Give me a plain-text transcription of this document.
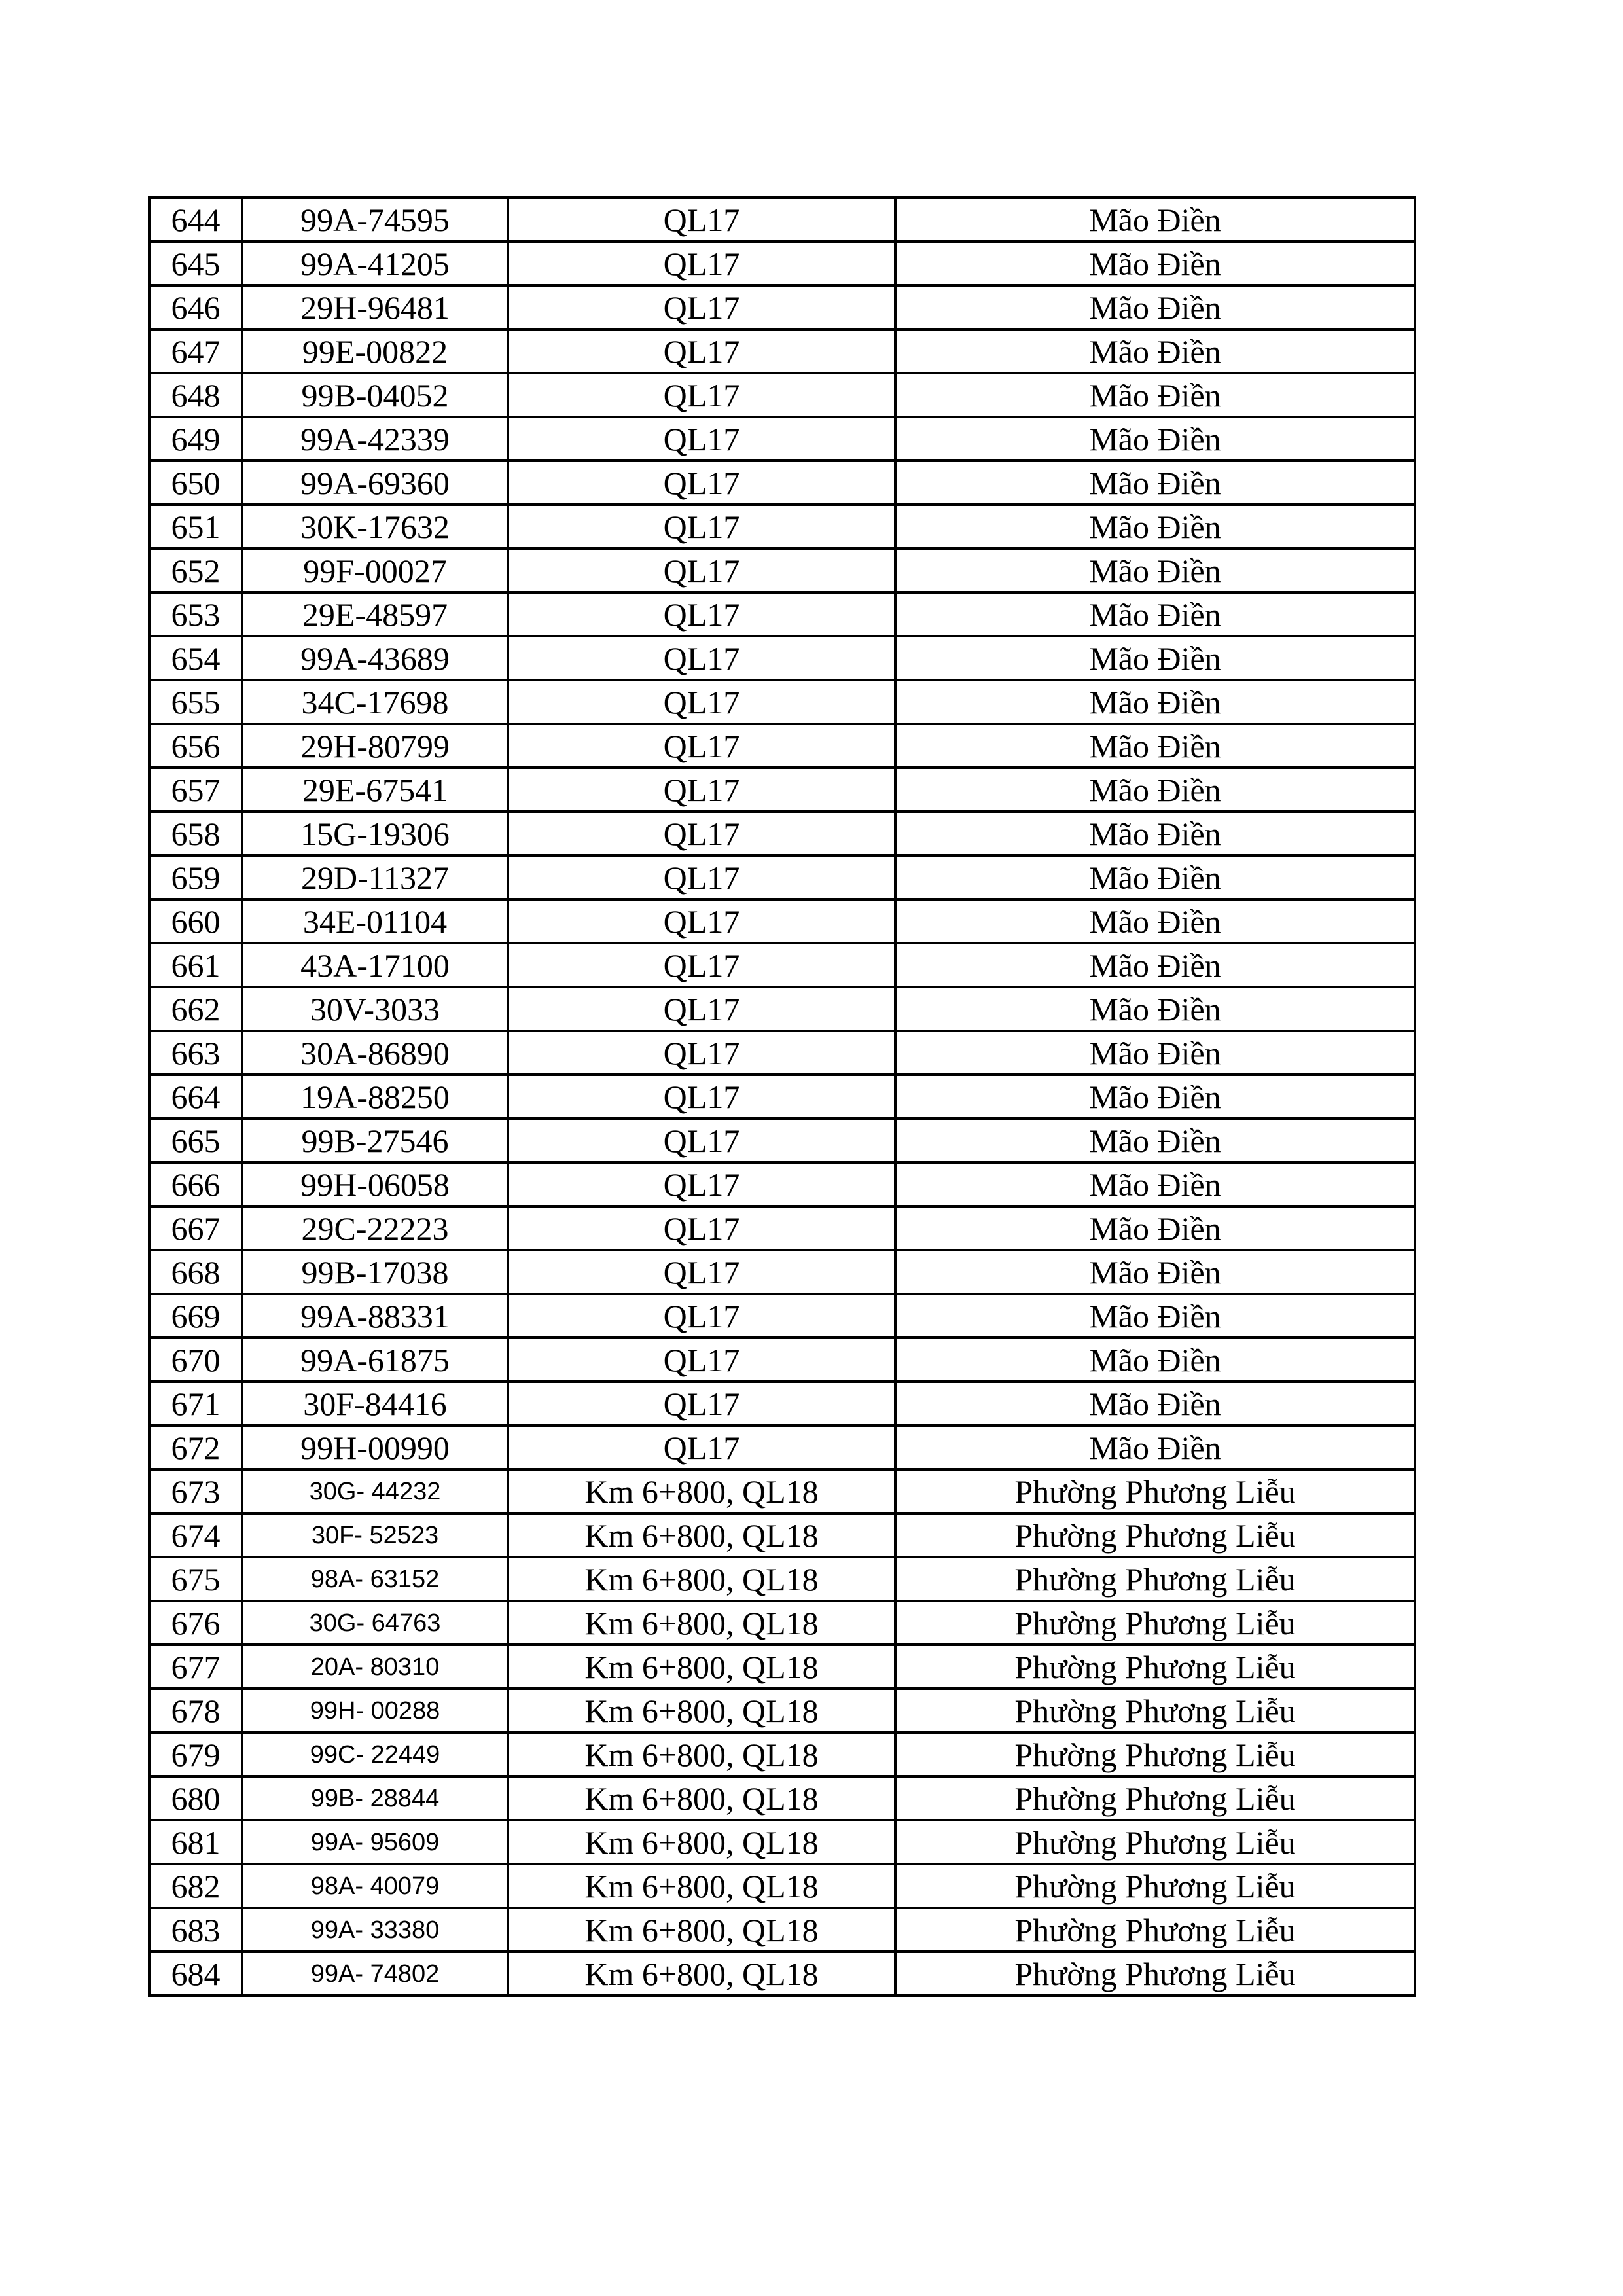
644	99A-74595	QL17	Mão Điền
645	99A-41205	QL17	Mão Điền
646	29H-96481	QL17	Mão Điền
647	99E-00822	QL17	Mão Điền
648	99B-04052	QL17	Mão Điền
649	99A-42339	QL17	Mão Điền
650	99A-69360	QL17	Mão Điền
651	30K-17632	QL17	Mão Điền
652	99F-00027	QL17	Mão Điền
653	29E-48597	QL17	Mão Điền
654	99A-43689	QL17	Mão Điền
655	34C-17698	QL17	Mão Điền
656	29H-80799	QL17	Mão Điền
657	29E-67541	QL17	Mão Điền
658	15G-19306	QL17	Mão Điền
659	29D-11327	QL17	Mão Điền
660	34E-01104	QL17	Mão Điền
661	43A-17100	QL17	Mão Điền
662	30V-3033	QL17	Mão Điền
663	30A-86890	QL17	Mão Điền
664	19A-88250	QL17	Mão Điền
665	99B-27546	QL17	Mão Điền
666	99H-06058	QL17	Mão Điền
667	29C-22223	QL17	Mão Điền
668	99B-17038	QL17	Mão Điền
669	99A-88331	QL17	Mão Điền
670	99A-61875	QL17	Mão Điền
671	30F-84416	QL17	Mão Điền
672	99H-00990	QL17	Mão Điền
673	30G- 44232	Km 6+800, QL18	Phường Phương Liễu
674	30F- 52523	Km 6+800, QL18	Phường Phương Liễu
675	98A- 63152	Km 6+800, QL18	Phường Phương Liễu
676	30G- 64763	Km 6+800, QL18	Phường Phương Liễu
677	20A- 80310	Km 6+800, QL18	Phường Phương Liễu
678	99H- 00288	Km 6+800, QL18	Phường Phương Liễu
679	99C- 22449	Km 6+800, QL18	Phường Phương Liễu
680	99B- 28844	Km 6+800, QL18	Phường Phương Liễu
681	99A- 95609	Km 6+800, QL18	Phường Phương Liễu
682	98A- 40079	Km 6+800, QL18	Phường Phương Liễu
683	99A- 33380	Km 6+800, QL18	Phường Phương Liễu
684	99A- 74802	Km 6+800, QL18	Phường Phương Liễu
